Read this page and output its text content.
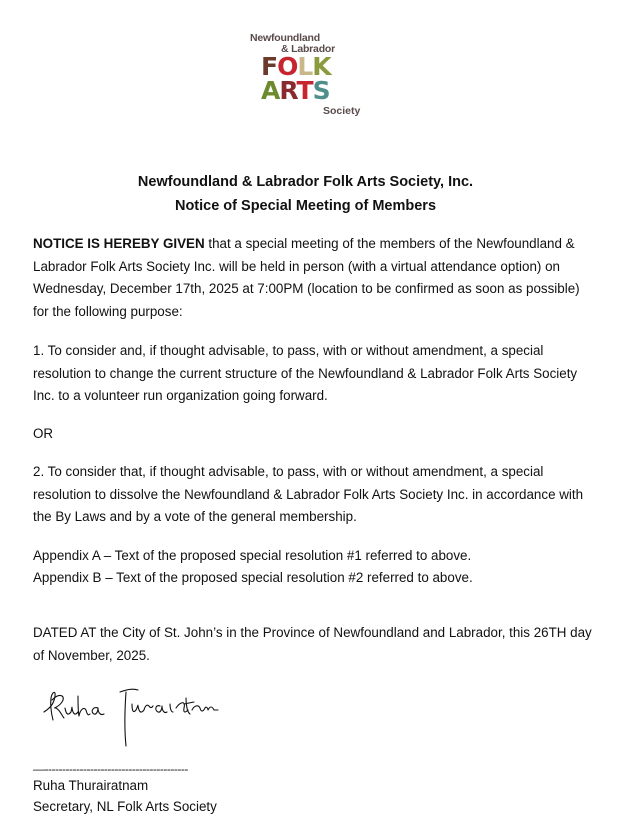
Newfoundland
& Labrador
FOLK
ARTS
Society
Newfoundland & Labrador Folk Arts Society, Inc.
Notice of Special Meeting of Members

NOTICE IS HEREBY GIVEN that a special meeting of the members of the Newfoundland & Labrador Folk Arts Society Inc. will be held in person (with a virtual attendance option) on Wednesday, December 17th, 2025 at 7:00PM (location to be confirmed as soon as possible) for the following purpose:

1. To consider and, if thought advisable, to pass, with or without amendment, a special resolution to change the current structure of the Newfoundland & Labrador Folk Arts Society Inc. to a volunteer run organization going forward.

OR

2. To consider that, if thought advisable, to pass, with or without amendment, a special resolution to dissolve the Newfoundland & Labrador Folk Arts Society Inc. in accordance with the By Laws and by a vote of the general membership.

Appendix A – Text of the proposed special resolution #1 referred to above.

Appendix B – Text of the proposed special resolution #2 referred to above.

DATED AT the City of St. John’s in the Province of Newfoundland and Labrador, this 26TH day of November, 2025.

—-----------------------------------------
Ruha Thurairatnam
Secretary, NL Folk Arts Society
